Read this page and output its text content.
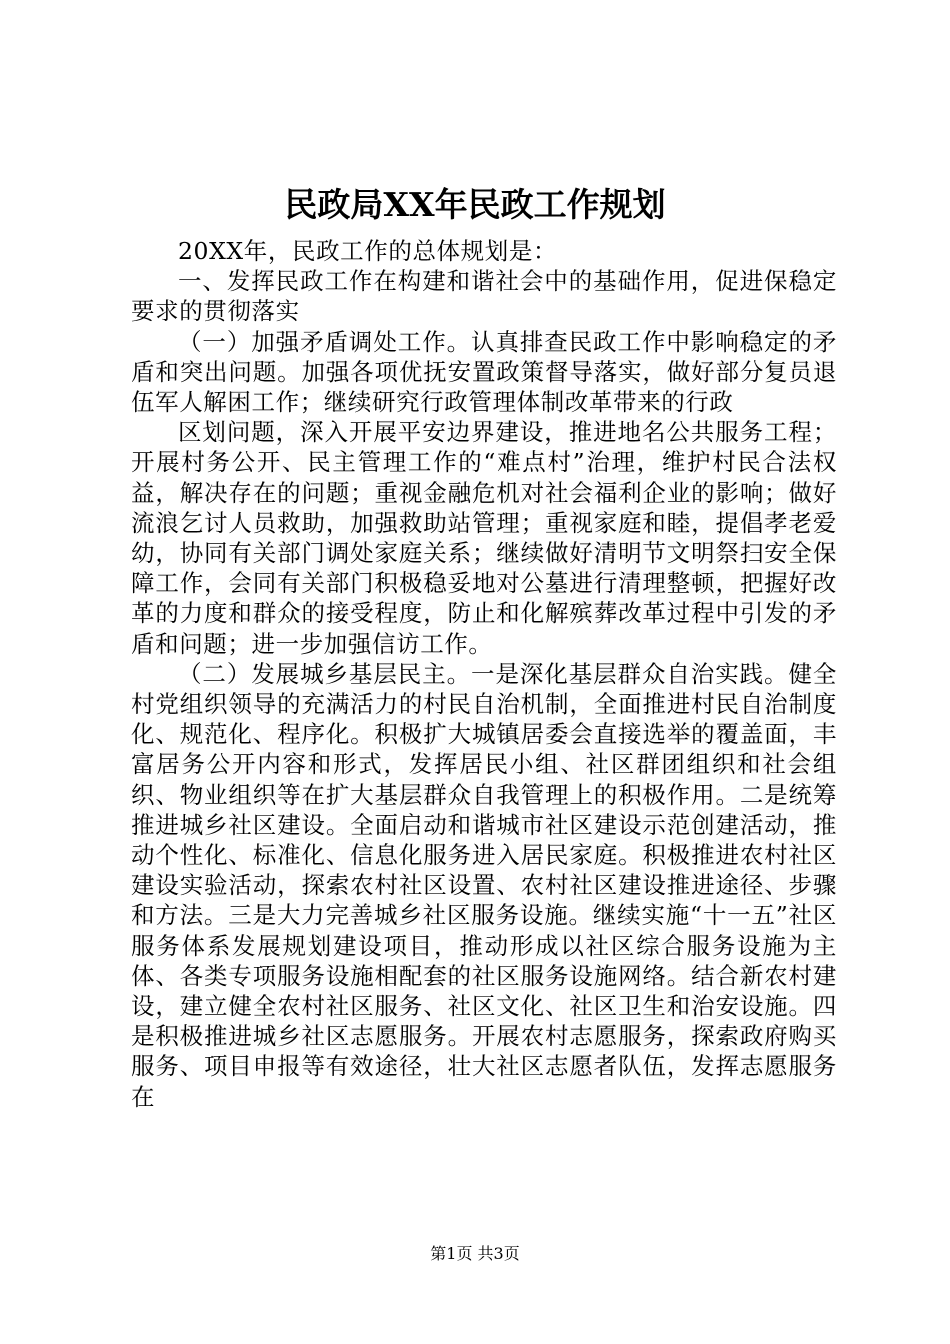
民政局XX年民政工作规划

20XX年，民政工作的总体规划是：

一、发挥民政工作在构建和谐社会中的基础作用，促进保稳定要求的贯彻落实

（一）加强矛盾调处工作。认真排查民政工作中影响稳定的矛盾和突出问题。加强各项优抚安置政策督导落实，做好部分复员退伍军人解困工作；继续研究行政管理体制改革带来的行政

区划问题，深入开展平安边界建设，推进地名公共服务工程；开展村务公开、民主管理工作的“难点村”治理，维护村民合法权益，解决存在的问题；重视金融危机对社会福利企业的影响；做好流浪乞讨人员救助，加强救助站管理；重视家庭和睦，提倡孝老爱幼，协同有关部门调处家庭关系；继续做好清明节文明祭扫安全保障工作，会同有关部门积极稳妥地对公墓进行清理整顿，把握好改革的力度和群众的接受程度，防止和化解殡葬改革过程中引发的矛盾和问题；进一步加强信访工作。

（二）发展城乡基层民主。一是深化基层群众自治实践。健全村党组织领导的充满活力的村民自治机制，全面推进村民自治制度化、规范化、程序化。积极扩大城镇居委会直接选举的覆盖面，丰富居务公开内容和形式，发挥居民小组、社区群团组织和社会组织、物业组织等在扩大基层群众自我管理上的积极作用。二是统筹推进城乡社区建设。全面启动和谐城市社区建设示范创建活动，推动个性化、标准化、信息化服务进入居民家庭。积极推进农村社区建设实验活动，探索农村社区设置、农村社区建设推进途径、步骤和方法。三是大力完善城乡社区服务设施。继续实施“十一五”社区服务体系发展规划建设项目，推动形成以社区综合服务设施为主体、各类专项服务设施相配套的社区服务设施网络。结合新农村建设，建立健全农村社区服务、社区文化、社区卫生和治安设施。四是积极推进城乡社区志愿服务。开展农村志愿服务，探索政府购买服务、项目申报等有效途径，壮大社区志愿者队伍，发挥志愿服务在

第1页 共3页
